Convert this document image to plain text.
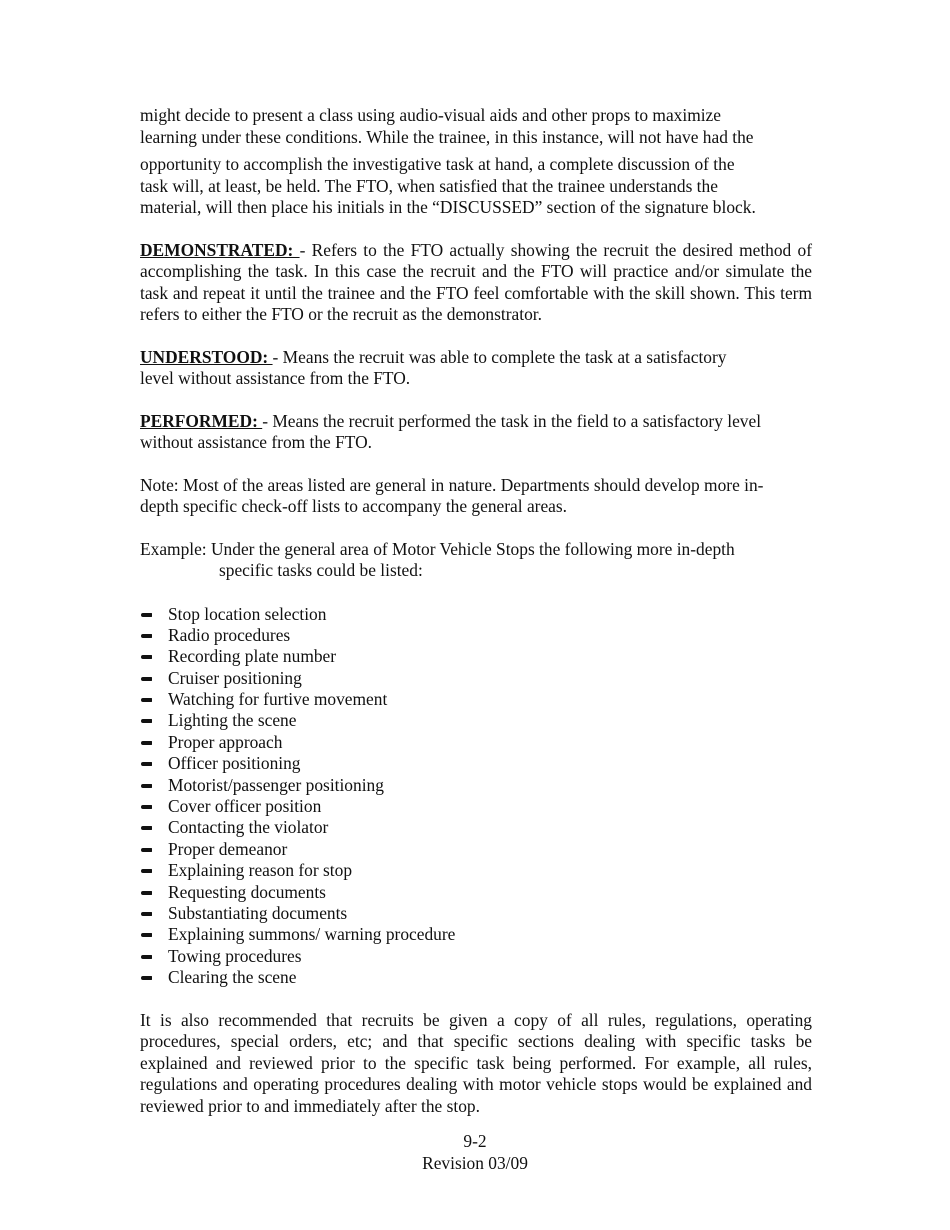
might decide to present a class using audio-visual aids and other props to maximize

learning under these conditions. While the trainee, in this instance, will not have had the

opportunity to accomplish the investigative task at hand, a complete discussion of the

task will, at least, be held. The FTO, when satisfied that the trainee understands the

material, will then place his initials in the “DISCUSSED” section of the signature block.

DEMONSTRATED: - Refers to the FTO actually showing the recruit the desired method of accomplishing the task. In this case the recruit and the FTO will practice and/or simulate the task and repeat it until the trainee and the FTO feel comfortable with the skill shown. This term refers to either the FTO or the recruit as the demonstrator.

UNDERSTOOD: - Means the recruit was able to complete the task at a satisfactory

level without assistance from the FTO.

PERFORMED: - Means the recruit performed the task in the field to a satisfactory level

without assistance from the FTO.

Note: Most of the areas listed are general in nature. Departments should develop more in-

depth specific check-off lists to accompany the general areas.

Example: Under the general area of Motor Vehicle Stops the following more in-depth

specific tasks could be listed:

Stop location selection
Radio procedures
Recording plate number
Cruiser positioning
Watching for furtive movement
Lighting the scene
Proper approach
Officer positioning
Motorist/passenger positioning
Cover officer position
Contacting the violator
Proper demeanor
Explaining reason for stop
Requesting documents
Substantiating documents
Explaining summons/ warning procedure
Towing procedures
Clearing the scene

It is also recommended that recruits be given a copy of all rules, regulations, operating procedures, special orders, etc; and that specific sections dealing with specific tasks be explained and reviewed prior to the specific task being performed. For example, all rules, regulations and operating procedures dealing with motor vehicle stops would be explained and reviewed prior to and immediately after the stop.

9-2
Revision 03/09
